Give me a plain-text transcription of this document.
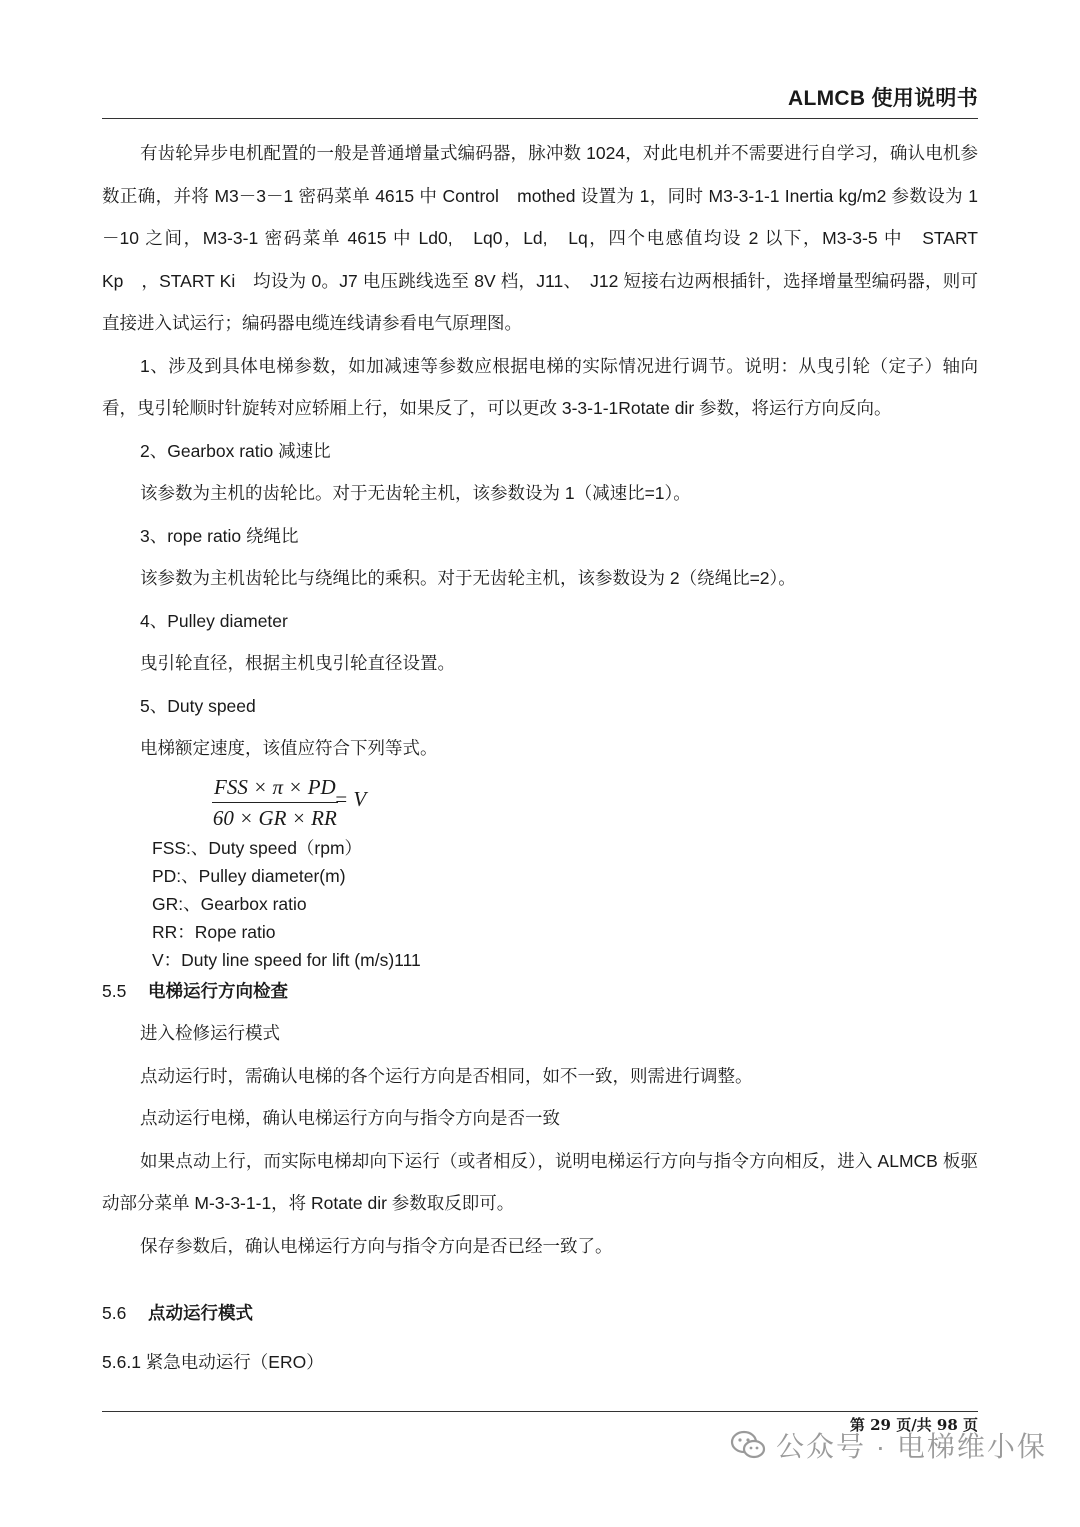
ALMCB 使用说明书

有齿轮异步电机配置的一般是普通增量式编码器，脉冲数 1024，对此电机并不需要进行自学习，确认电机参数正确，并将 M3－3－1 密码菜单 4615 中 Control　mothed 设置为 1，同时 M3-3-1-1 Inertia kg/m2 参数设为 1－10 之间，M3-3-1 密码菜单 4615 中 Ld0,　Lq0，Ld,　Lq，四个电感值均设 2 以下，M3-3-5 中　START Kp　，START Ki　均设为 0。J7 电压跳线选至 8V 档，J11、　J12 短接右边两根插针，选择增量型编码器，则可直接进入试运行；编码器电缆连线请参看电气原理图。

1、涉及到具体电梯参数，如加减速等参数应根据电梯的实际情况进行调节。说明：从曳引轮（定子）轴向看，曳引轮顺时针旋转对应轿厢上行，如果反了，可以更改 3-3-1-1Rotate dir 参数，将运行方向反向。

2、Gearbox ratio 减速比

该参数为主机的齿轮比。对于无齿轮主机，该参数设为 1（减速比=1）。

3、rope ratio 绕绳比

该参数为主机齿轮比与绕绳比的乘积。对于无齿轮主机，该参数设为 2（绕绳比=2）。

4、Pulley diameter

曳引轮直径，根据主机曳引轮直径设置。

5、Duty speed

电梯额定速度，该值应符合下列等式。

FSS × π × PD
60 × GR × RR
= V

FSS:、Duty speed（rpm）

PD:、Pulley diameter(m)

GR:、Gearbox ratio

RR：Rope ratio

V：Duty line speed for lift (m/s)111

5.5 电梯运行方向检查

进入检修运行模式

点动运行时，需确认电梯的各个运行方向是否相同，如不一致，则需进行调整。

点动运行电梯，确认电梯运行方向与指令方向是否一致

如果点动上行，而实际电梯却向下运行（或者相反），说明电梯运行方向与指令方向相反，进入 ALMCB 板驱动部分菜单 M-3-3-1-1，将 Rotate dir 参数取反即可。

保存参数后，确认电梯运行方向与指令方向是否已经一致了。

5.6 点动运行模式

5.6.1 紧急电动运行（ERO）

第 29 页/共 98 页
公众号 · 电梯维小保
